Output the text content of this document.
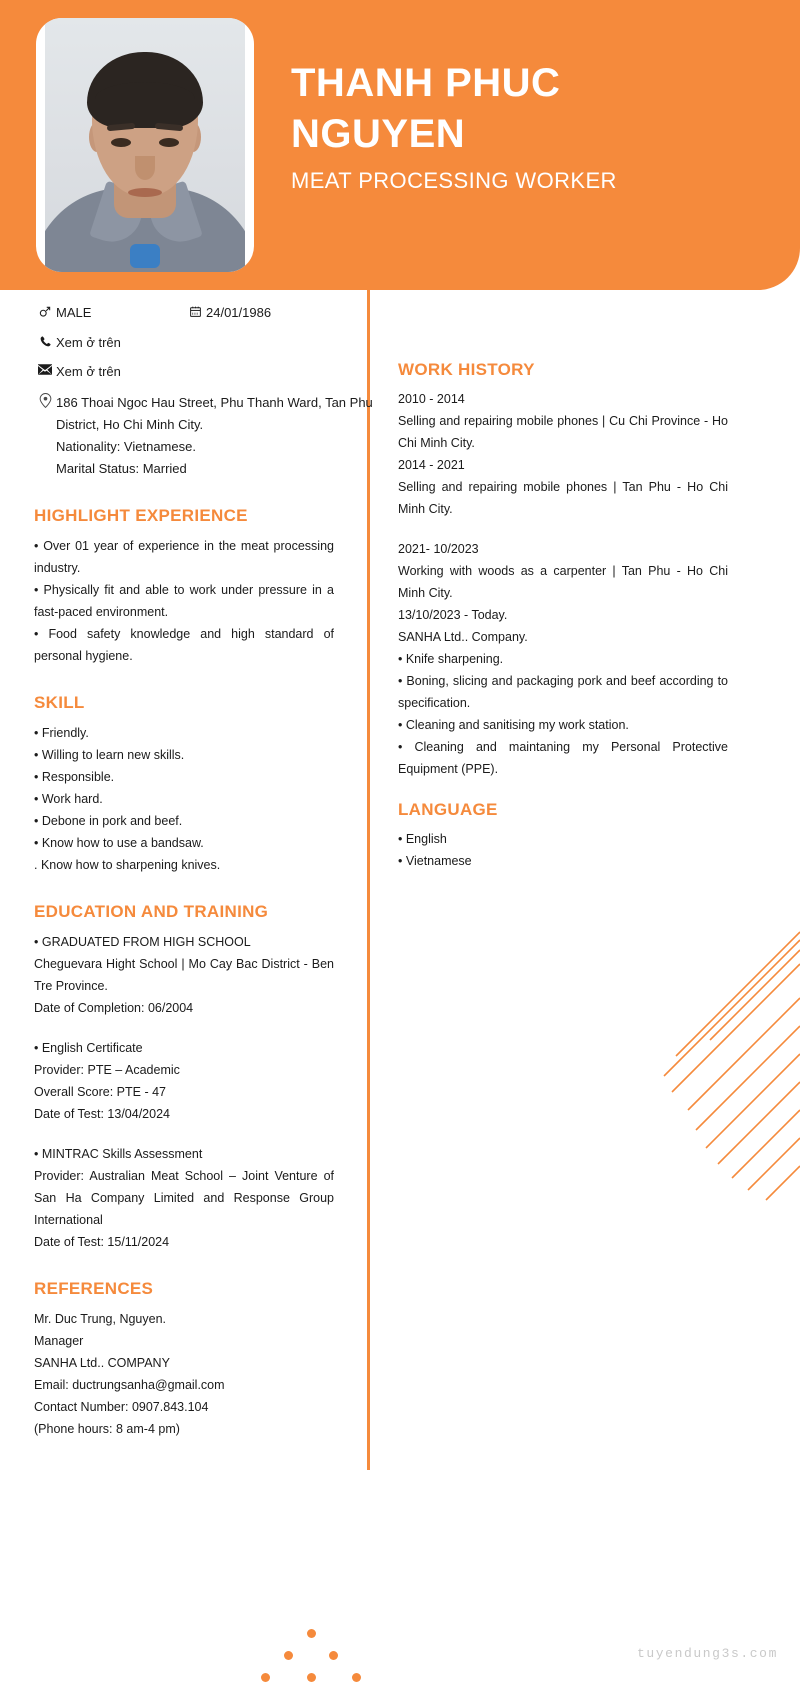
THANH PHUC
NGUYEN
MEAT PROCESSING WORKER
MALE	24/01/1986
Xem ở trên
Xem ở trên
186 Thoai Ngoc Hau Street, Phu Thanh Ward, Tan Phu
District, Ho Chi Minh City.
Nationality: Vietnamese.
Marital Status: Married
HIGHLIGHT EXPERIENCE
• Over 01 year of experience in the meat processing industry.
• Physically fit and able to work under pressure in a fast-paced environment.
• Food safety knowledge and high standard of personal hygiene.
SKILL
• Friendly.
• Willing to learn new skills.
• Responsible.
• Work hard.
• Debone in pork and beef.
• Know how to use a bandsaw.
. Know how to sharpening knives.
EDUCATION AND TRAINING
• GRADUATED FROM HIGH SCHOOL
Cheguevara Hight School | Mo Cay Bac District - Ben Tre Province.
Date of Completion: 06/2004
• English Certificate
Provider: PTE – Academic
Overall Score: PTE - 47
Date of Test: 13/04/2024
• MINTRAC Skills Assessment
Provider: Australian Meat School – Joint Venture of San Ha Company Limited and Response Group International
Date of Test: 15/11/2024
REFERENCES
Mr. Duc Trung, Nguyen.
Manager
SANHA Ltd.. COMPANY
Email: ductrungsanha@gmail.com
Contact Number: 0907.843.104
(Phone hours: 8 am-4 pm)
WORK HISTORY
2010 - 2014
Selling and repairing mobile phones | Cu Chi Province - Ho Chi Minh City.
2014 - 2021
Selling and repairing mobile phones | Tan Phu - Ho Chi Minh City.
2021- 10/2023
Working with woods as a carpenter | Tan Phu - Ho Chi Minh City.
13/10/2023 - Today.
SANHA Ltd.. Company.
• Knife sharpening.
• Boning, slicing and packaging pork and beef according to specification.
• Cleaning and sanitising my work station.
• Cleaning and maintaning my Personal Protective Equipment (PPE).
LANGUAGE
• English
• Vietnamese
tuyendung3s.com
